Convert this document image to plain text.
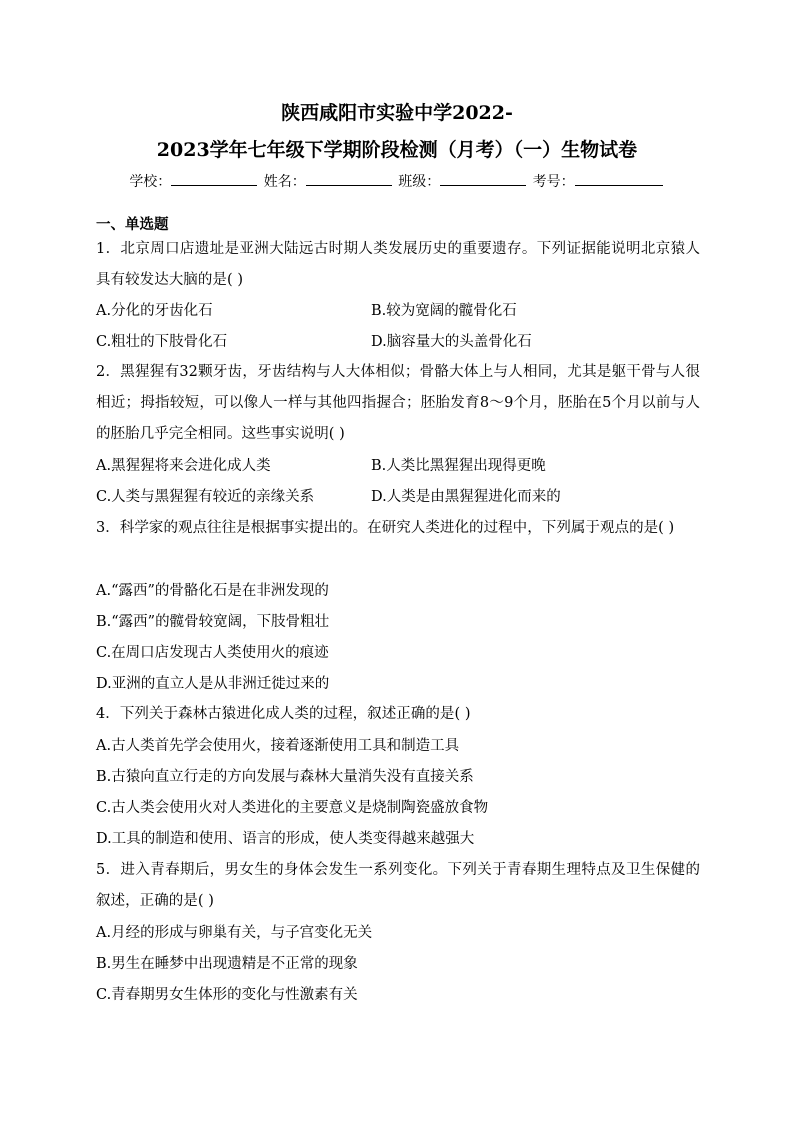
陕西咸阳市实验中学2022-
2023学年七年级下学期阶段检测（月考）（一）生物试卷
学校：	姓名：	班级：	考号：
一、单选题
1．北京周口店遗址是亚洲大陆远古时期人类发展历史的重要遗存。下列证据能说明北京猿人具有较发达大脑的是( )
A.分化的牙齿化石	B.较为宽阔的髋骨化石
C.粗壮的下肢骨化石	D.脑容量大的头盖骨化石
2．黑猩猩有32颗牙齿，牙齿结构与人大体相似；骨骼大体上与人相同，尤其是躯干骨与人很相近；拇指较短，可以像人一样与其他四指握合；胚胎发育8～9个月，胚胎在5个月以前与人的胚胎几乎完全相同。这些事实说明( )
A.黑猩猩将来会进化成人类	B.人类比黑猩猩出现得更晚
C.人类与黑猩猩有较近的亲缘关系	D.人类是由黑猩猩进化而来的
3．科学家的观点往往是根据事实提出的。在研究人类进化的过程中，下列属于观点的是( )
A.“露西”的骨骼化石是在非洲发现的
B.“露西”的髋骨较宽阔，下肢骨粗壮
C.在周口店发现古人类使用火的痕迹
D.亚洲的直立人是从非洲迁徙过来的
4．下列关于森林古猿进化成人类的过程，叙述正确的是( )
A.古人类首先学会使用火，接着逐渐使用工具和制造工具
B.古猿向直立行走的方向发展与森林大量消失没有直接关系
C.古人类会使用火对人类进化的主要意义是烧制陶瓷盛放食物
D.工具的制造和使用、语言的形成，使人类变得越来越强大
5．进入青春期后，男女生的身体会发生一系列变化。下列关于青春期生理特点及卫生保健的叙述，正确的是( )
A.月经的形成与卵巢有关，与子宫变化无关
B.男生在睡梦中出现遗精是不正常的现象
C.青春期男女生体形的变化与性激素有关
